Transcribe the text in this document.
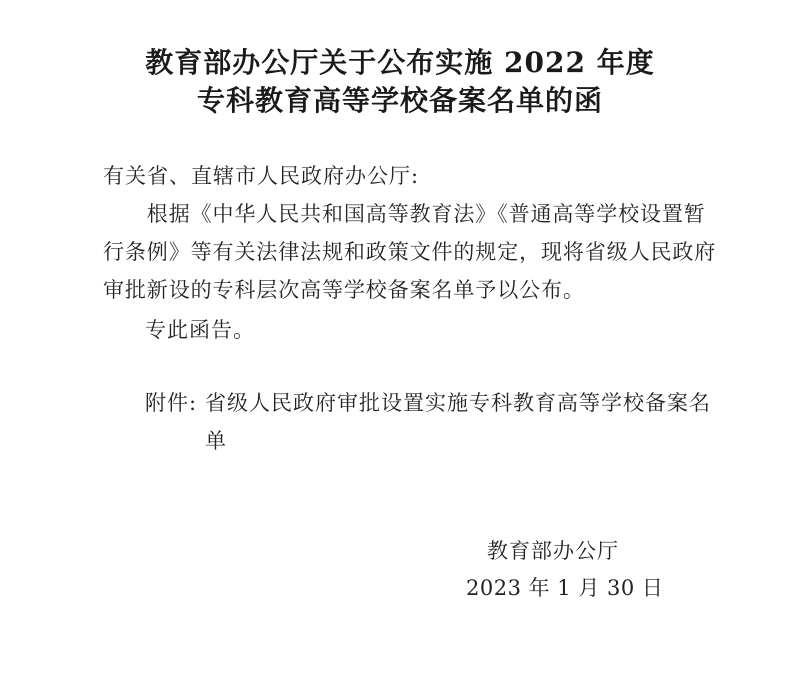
教育部办公厅关于公布实施 2022 年度
专科教育高等学校备案名单的函
有关省、直辖市人民政府办公厅:
　　根据《中华人民共和国高等教育法》《普通高等学校设置暂
行条例》等有关法律法规和政策文件的规定，现将省级人民政府
审批新设的专科层次高等学校备案名单予以公布。
专此函告。
附件: 省级人民政府审批设置实施专科教育高等学校备案名
单
教育部办公厅
2023 年 1 月 30 日
